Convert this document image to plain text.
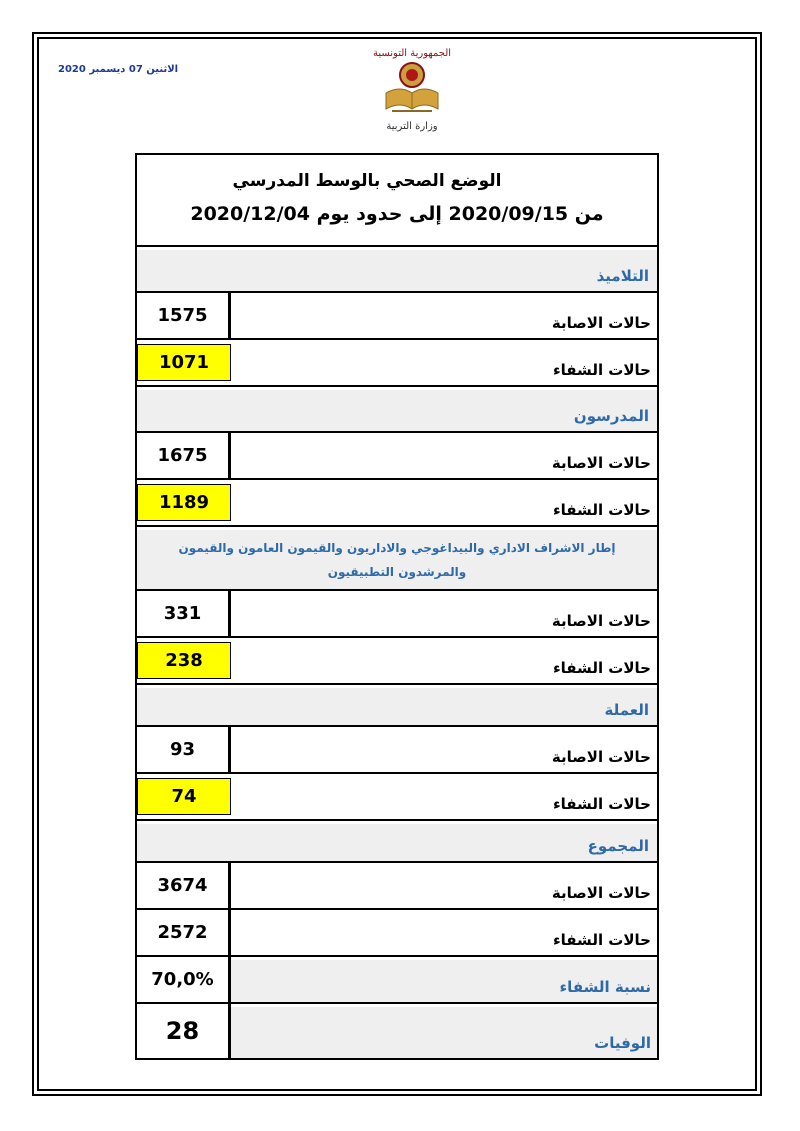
الاثنين 07 ديسمبر 2020
الجمهورية التونسية
وزارة التربية
الوضع الصحي بالوسط المدرسي
من 2020/09/15 إلى حدود يوم 2020/12/04
التلاميذ
حالات الاصابة
1575
حالات الشفاء
1071
المدرسون
حالات الاصابة
1675
حالات الشفاء
1189
إطار الاشراف الاداري والبيداغوجي والاداريون والقيمون العامون والقيمون والمرشدون التطبيقيون
حالات الاصابة
331
حالات الشفاء
238
العملة
حالات الاصابة
93
حالات الشفاء
74
المجموع
حالات الاصابة
3674
حالات الشفاء
2572
نسبة الشفاء
70,0%
الوفيات
28
